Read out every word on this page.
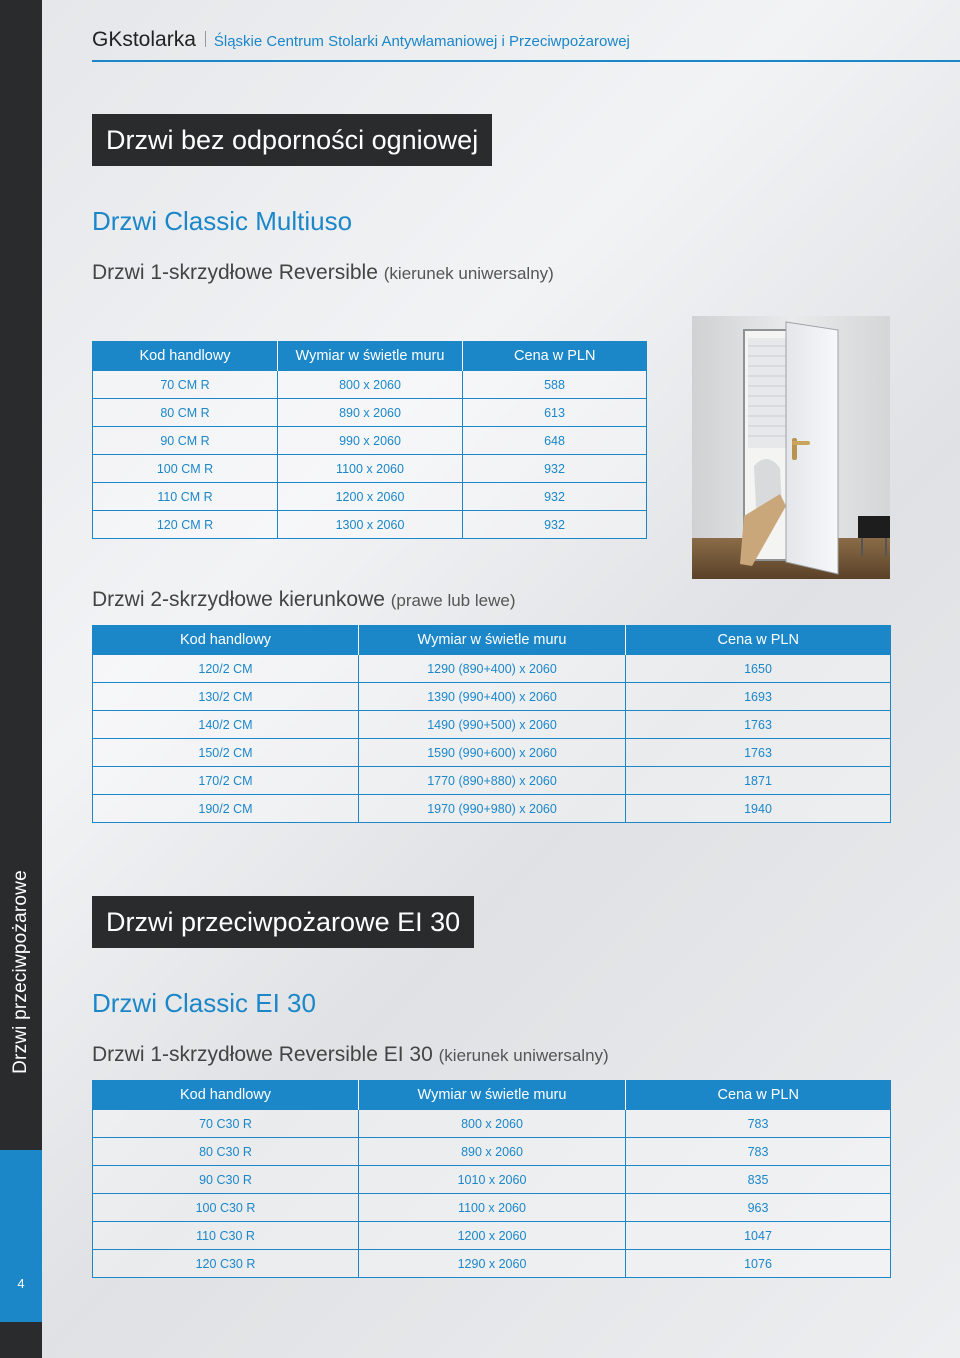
Drzwi przeciwpożarowe
4
GKstolarka Śląskie Centrum Stolarki Antywłamaniowej i Przeciwpożarowej
Drzwi bez odporności ogniowej
Drzwi Classic Multiuso
Drzwi 1-skrzydłowe Reversible (kierunek uniwersalny)
Kod handlowy	Wymiar w świetle muru	Cena w PLN
70 CM R	800 x 2060	588
80 CM R	890 x 2060	613
90 CM R	990 x 2060	648
100 CM R	1100 x 2060	932
110 CM R	1200 x 2060	932
120 CM R	1300 x 2060	932
Drzwi 2-skrzydłowe kierunkowe (prawe lub lewe)
Kod handlowy	Wymiar w świetle muru	Cena w PLN
120/2 CM	1290 (890+400) x 2060	1650
130/2 CM	1390 (990+400) x 2060	1693
140/2 CM	1490 (990+500) x 2060	1763
150/2 CM	1590 (990+600) x 2060	1763
170/2 CM	1770 (890+880) x 2060	1871
190/2 CM	1970 (990+980) x 2060	1940
Drzwi przeciwpożarowe EI 30
Drzwi Classic EI 30
Drzwi 1-skrzydłowe Reversible EI 30 (kierunek uniwersalny)
Kod handlowy	Wymiar w świetle muru	Cena w PLN
70 C30 R	800 x 2060	783
80 C30 R	890 x 2060	783
90 C30 R	1010 x 2060	835
100 C30 R	1100 x 2060	963
110 C30 R	1200 x 2060	1047
120 C30 R	1290 x 2060	1076
